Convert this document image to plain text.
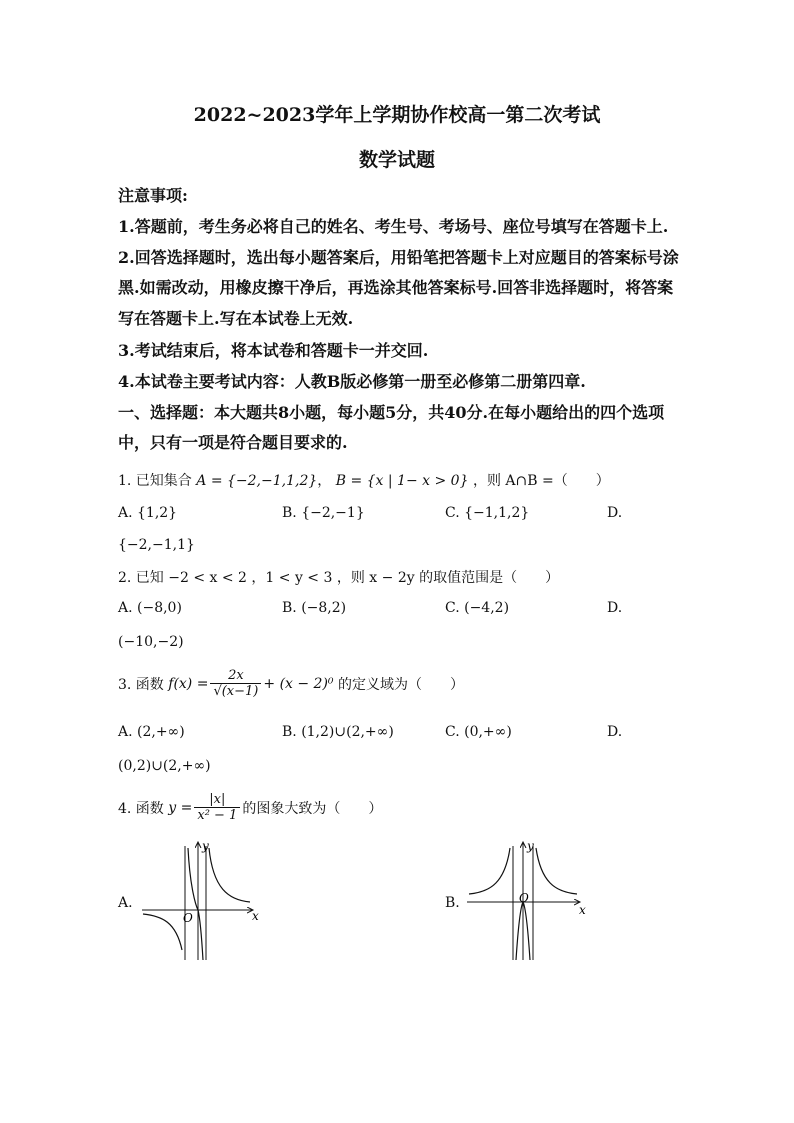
2022~2023学年上学期协作校高一第二次考试
数学试题
注意事项:
1.答题前，考生务必将自己的姓名、考生号、考场号、座位号填写在答题卡上.
2.回答选择题时，选出每小题答案后，用铅笔把答题卡上对应题目的答案标号涂
黑.如需改动，用橡皮擦干净后，再选涂其他答案标号.回答非选择题时，将答案
写在答题卡上.写在本试卷上无效.
3.考试结束后，将本试卷和答题卡一并交回.
4.本试卷主要考试内容：人教B版必修第一册至必修第二册第四章.
一、选择题：本大题共8小题，每小题5分，共40分.在每小题给出的四个选项
中，只有一项是符合题目要求的.
1. 已知集合 A = {−2,−1,1,2}， B = {x | 1− x > 0} ，则 A∩B =（　　）
A. {1,2}	B. {−2,−1}	C. {−1,1,2}	D.
{−2,−1,1}
2. 已知 −2 < x < 2 ，1 < y < 3 ，则 x − 2y 的取值范围是（　　）
A. (−8,0)	B. (−8,2)	C. (−4,2)	D.
(−10,−2)
3. 函数
$f(x) = \frac{2x}{√(x-1)} + (x - 2)^0$
的定义域为（　　）
A. (2,+∞)	B. (1,2)∪(2,+∞)	C. (0,+∞)	D.
(0,2)∪(2,+∞)
4. 函数
$y = \frac{|x|}{\text{x² − 1}}$ 的图象大致为（　　）
A.
O	x
y
B.	O
x
y
